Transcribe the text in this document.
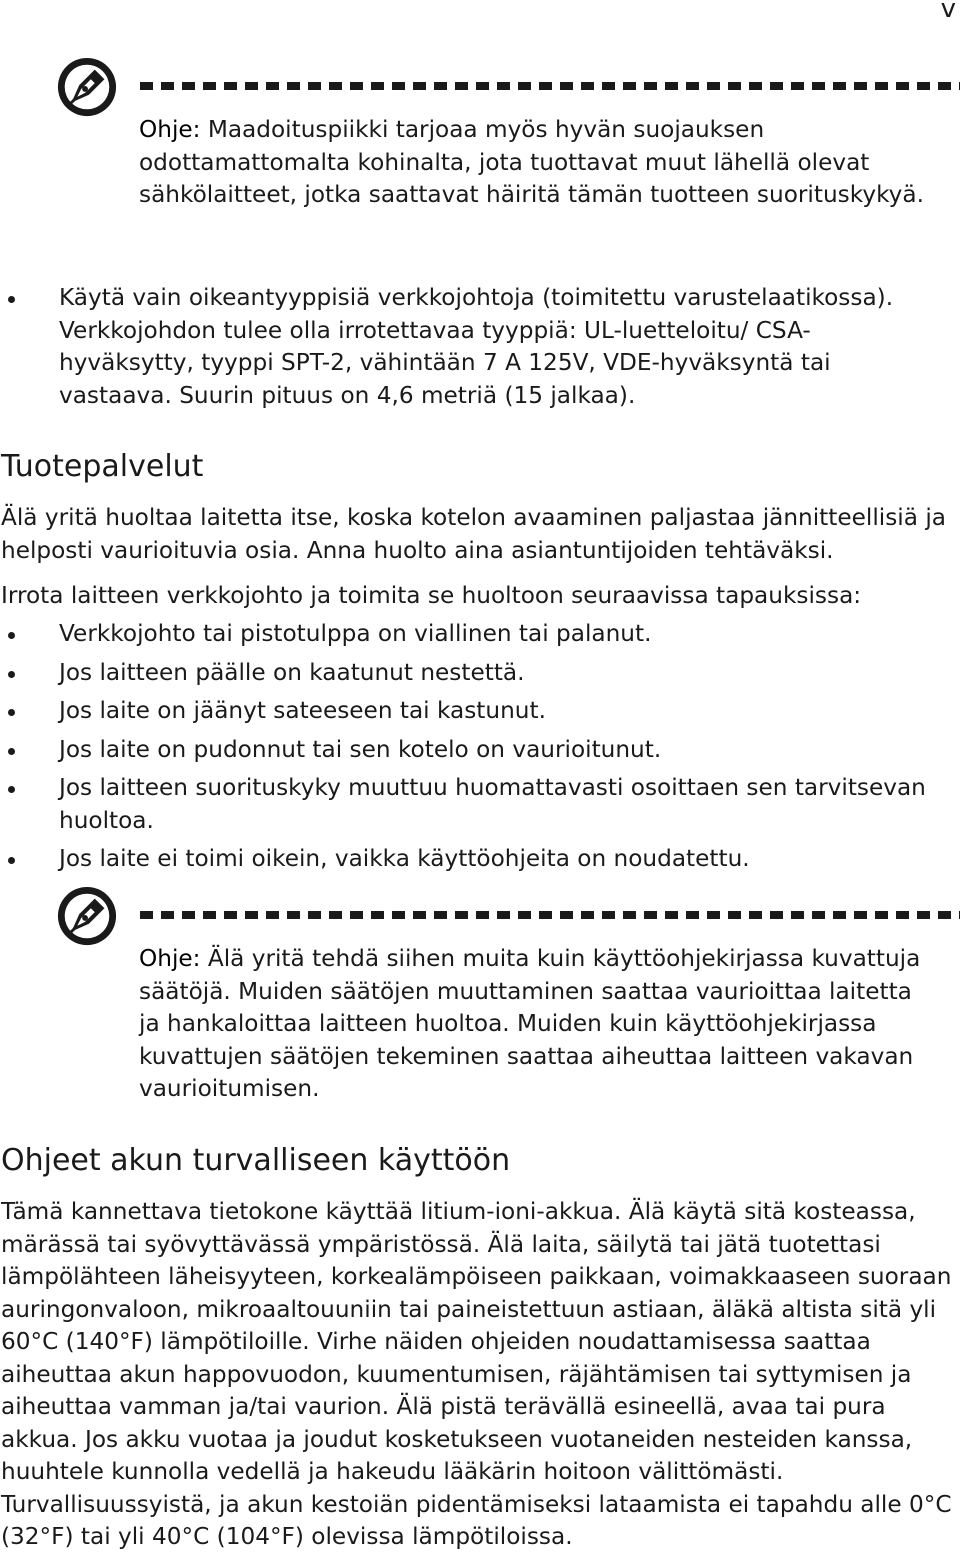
v
Ohje: Maadoituspiikki tarjoaa myös hyvän suojauksen odottamattomalta kohinalta, jota tuottavat muut lähellä olevat sähkölaitteet, jotka saattavat häiritä tämän tuotteen suorituskykyä.
Käytä vain oikeantyyppisiä verkkojohtoja (toimitettu varustelaatikossa). Verkkojohdon tulee olla irrotettavaa tyyppiä: UL-luetteloitu/ CSA-hyväksytty, tyyppi SPT-2, vähintään 7 A 125V, VDE-hyväksyntä tai vastaava. Suurin pituus on 4,6 metriä (15 jalkaa).
Tuotepalvelut

Älä yritä huoltaa laitetta itse, koska kotelon avaaminen paljastaa jännitteellisiä ja helposti vaurioituvia osia. Anna huolto aina asiantuntijoiden tehtäväksi.

Irrota laitteen verkkojohto ja toimita se huoltoon seuraavissa tapauksissa:

Verkkojohto tai pistotulppa on viallinen tai palanut.
Jos laitteen päälle on kaatunut nestettä.
Jos laite on jäänyt sateeseen tai kastunut.
Jos laite on pudonnut tai sen kotelo on vaurioitunut.
Jos laitteen suorituskyky muuttuu huomattavasti osoittaen sen tarvitsevan huoltoa.
Jos laite ei toimi oikein, vaikka käyttöohjeita on noudatettu.
Ohje: Älä yritä tehdä siihen muita kuin käyttöohjekirjassa kuvattuja säätöjä. Muiden säätöjen muuttaminen saattaa vaurioittaa laitetta ja hankaloittaa laitteen huoltoa. Muiden kuin käyttöohjekirjassa kuvattujen säätöjen tekeminen saattaa aiheuttaa laitteen vakavan vaurioitumisen.
Ohjeet akun turvalliseen käyttöön

Tämä kannettava tietokone käyttää litium-ioni-akkua. Älä käytä sitä kosteassa, märässä tai syövyttävässä ympäristössä. Älä laita, säilytä tai jätä tuotettasi lämpölähteen läheisyyteen, korkealämpöiseen paikkaan, voimakkaaseen suoraan auringonvaloon, mikroaaltouuniin tai paineistettuun astiaan, äläkä altista sitä yli 60°C (140°F) lämpötiloille. Virhe näiden ohjeiden noudattamisessa saattaa aiheuttaa akun happovuodon, kuumentumisen, räjähtämisen tai syttymisen ja aiheuttaa vamman ja/tai vaurion. Älä pistä terävällä esineellä, avaa tai pura akkua. Jos akku vuotaa ja joudut kosketukseen vuotaneiden nesteiden kanssa, huuhtele kunnolla vedellä ja hakeudu lääkärin hoitoon välittömästi. Turvallisuussyistä, ja akun kestoiän pidentämiseksi lataamista ei tapahdu alle 0°C (32°F) tai yli 40°C (104°F) olevissa lämpötiloissa.
